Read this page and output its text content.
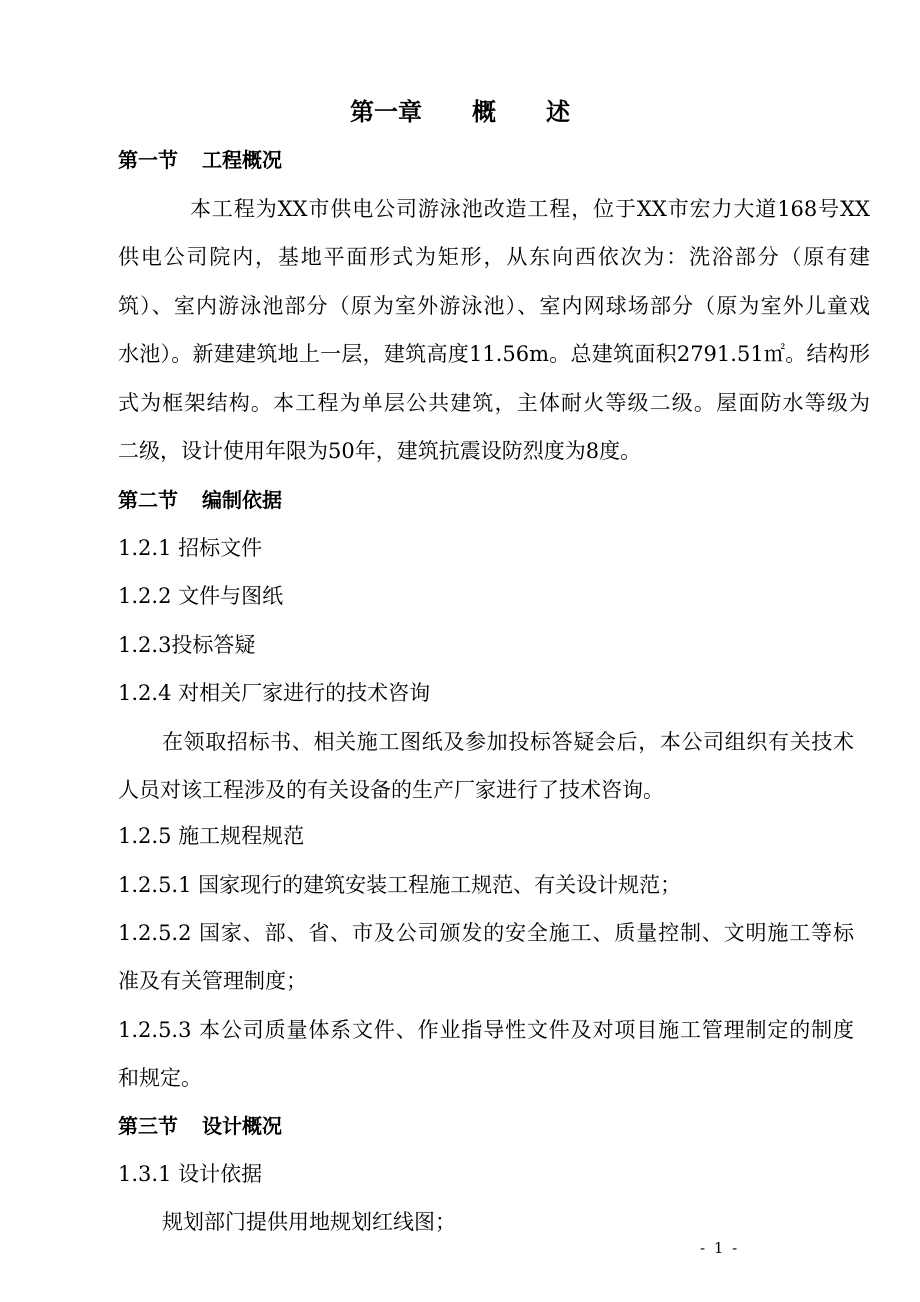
第一章 概 述
第一节 工程概况
本工程为XX市供电公司游泳池改造工程，位于XX市宏力大道168号XX
供电公司院内，基地平面形式为矩形，从东向西依次为：洗浴部分（原有建
筑）、室内游泳池部分（原为室外游泳池）、室内网球场部分（原为室外儿童戏
水池）。新建建筑地上一层，建筑高度11.56m。总建筑面积2791.51㎡。结构形
式为框架结构。本工程为单层公共建筑，主体耐火等级二级。屋面防水等级为
二级，设计使用年限为50年，建筑抗震设防烈度为8度。
第二节 编制依据
1.2.1 招标文件
1.2.2 文件与图纸
1.2.3投标答疑
1.2.4 对相关厂家进行的技术咨询
在领取招标书、相关施工图纸及参加投标答疑会后，本公司组织有关技术
人员对该工程涉及的有关设备的生产厂家进行了技术咨询。
1.2.5 施工规程规范
1.2.5.1 国家现行的建筑安装工程施工规范、有关设计规范；
1.2.5.2 国家、部、省、市及公司颁发的安全施工、质量控制、文明施工等标
准及有关管理制度；
1.2.5.3 本公司质量体系文件、作业指导性文件及对项目施工管理制定的制度
和规定。
第三节 设计概况
1.3.1 设计依据
规划部门提供用地规划红线图；
- 1 -
